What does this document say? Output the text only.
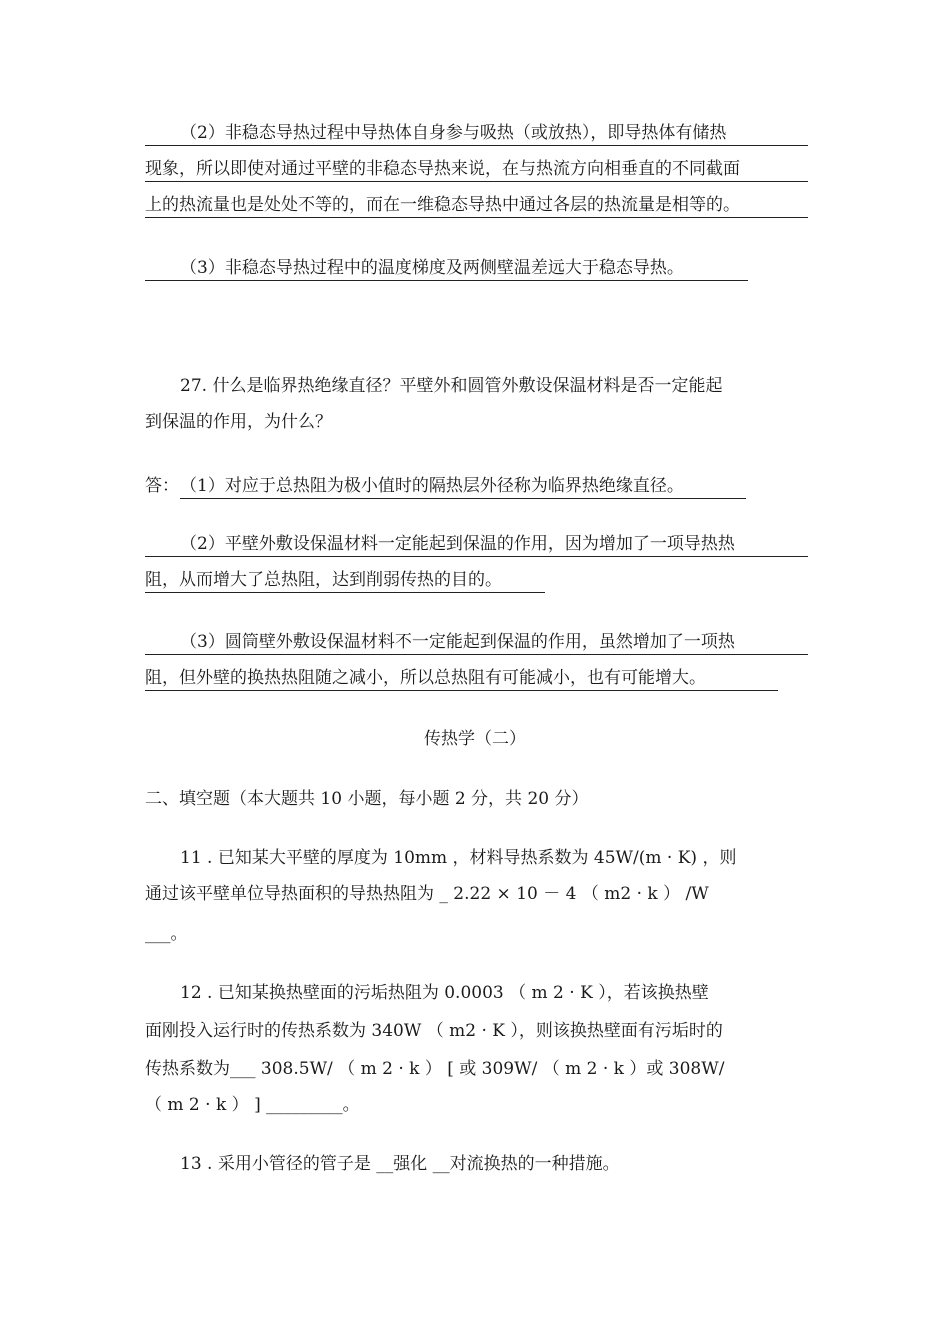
（2）非稳态导热过程中导热体自身参与吸热（或放热），即导热体有储热
现象，所以即使对通过平壁的非稳态导热来说，在与热流方向相垂直的不同截面
上的热流量也是处处不等的，而在一维稳态导热中通过各层的热流量是相等的。
（3）非稳态导热过程中的温度梯度及两侧壁温差远大于稳态导热。
27. 什么是临界热绝缘直径？平壁外和圆管外敷设保温材料是否一定能起
到保温的作用，为什么？
答： （1）对应于总热阻为极小值时的隔热层外径称为临界热绝缘直径。
（2）平壁外敷设保温材料一定能起到保温的作用，因为增加了一项导热热
阻，从而增大了总热阻，达到削弱传热的目的。
（3）圆筒壁外敷设保温材料不一定能起到保温的作用，虽然增加了一项热
阻，但外壁的换热热阻随之减小，所以总热阻有可能减小，也有可能增大。
传热学（二）
二、填空题（本大题共 10 小题，每小题 2 分，共 20 分）
11 . 已知某大平壁的厚度为 10mm ，材料导热系数为 45W/(m · K) ，则
通过该平壁单位导热面积的导热热阻为 _ 2.22 × 10 － 4 （ m2 · k ） /W
___。
12 . 已知某换热壁面的污垢热阻为 0.0003 （ m 2 · K ），若该换热壁
面刚投入运行时的传热系数为 340W （ m2 · K ），则该换热壁面有污垢时的
传热系数为___ 308.5W/ （ m 2 · k ） [ 或 309W/ （ m 2 · k ）或 308W/
（ m 2 · k ） ] _________。
13 . 采用小管径的管子是 __强化 __对流换热的一种措施。
